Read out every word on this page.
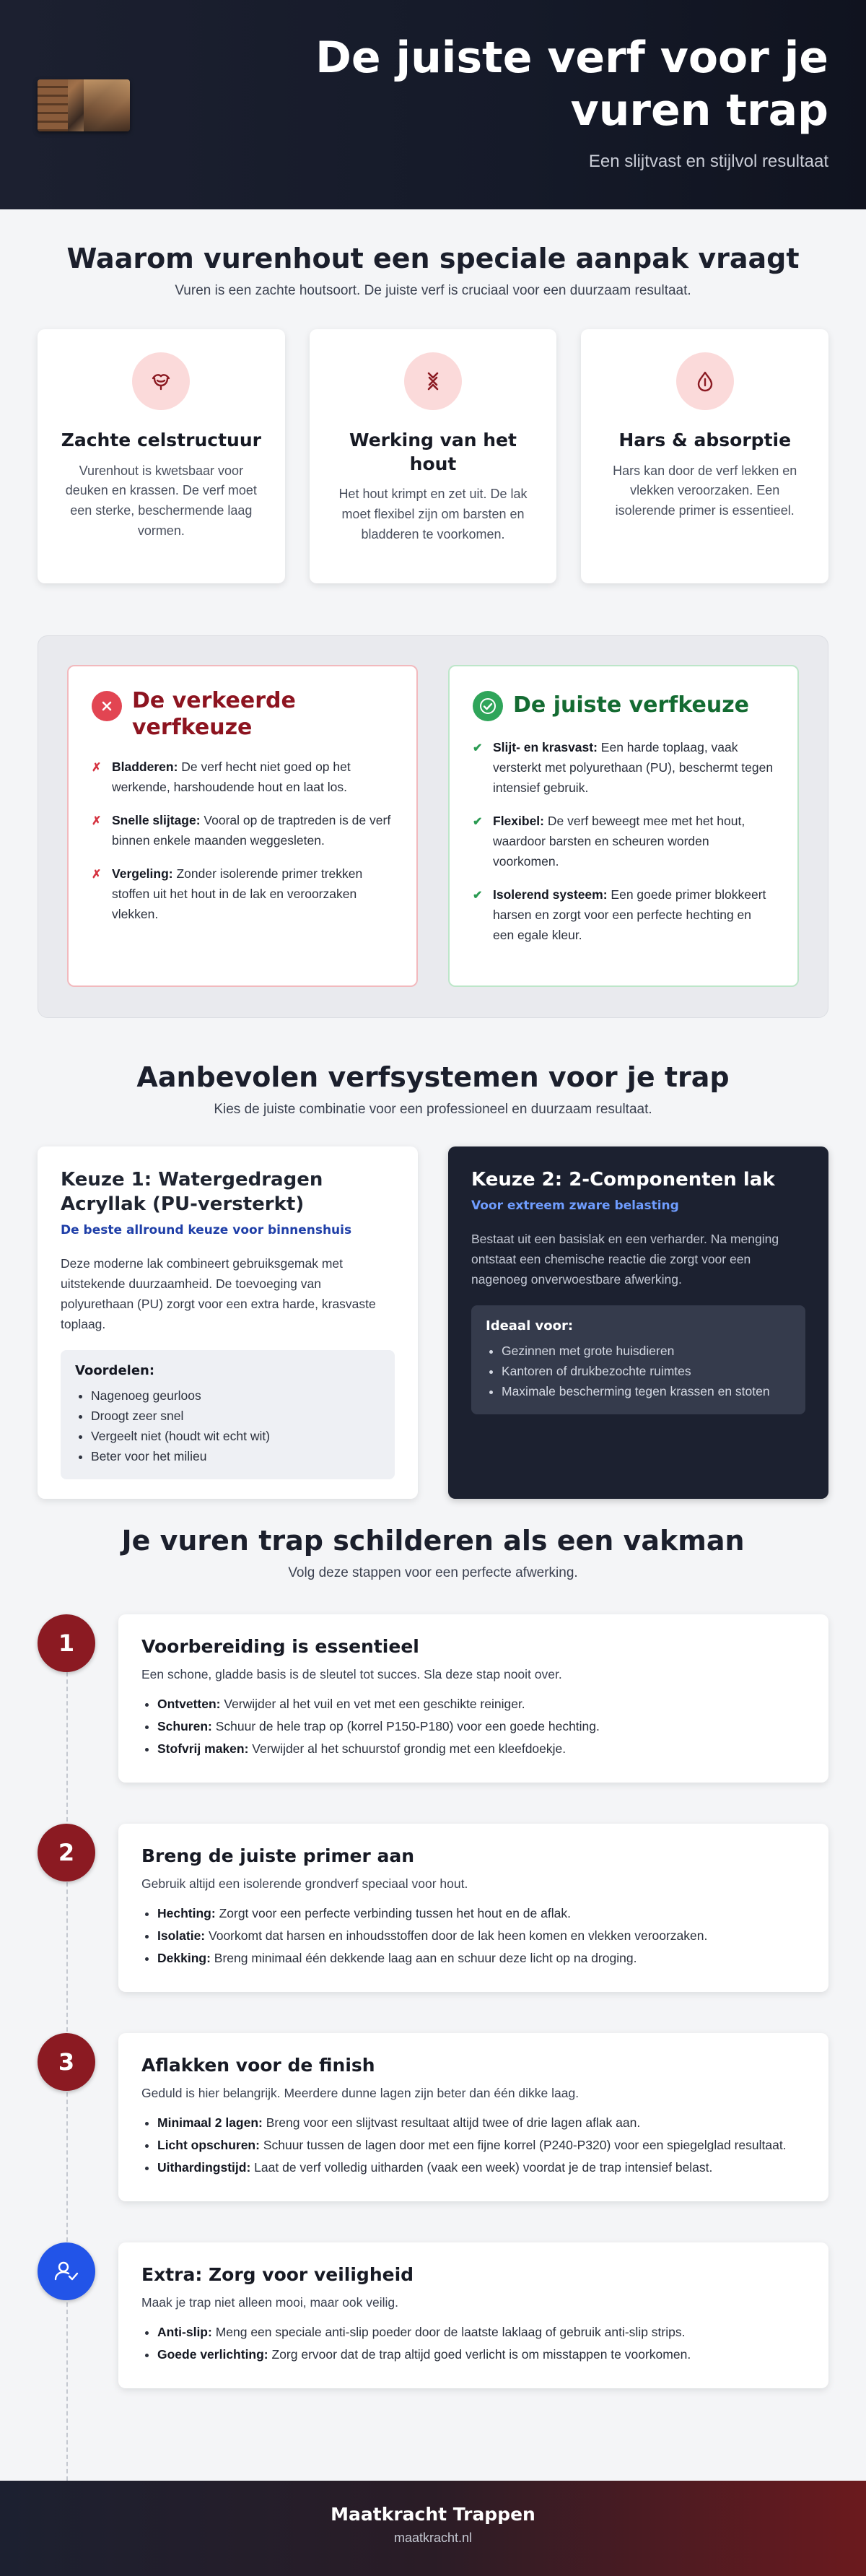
De juiste verf voor je vuren trap
Een slijtvast en stijlvol resultaat
Waarom vurenhout een speciale aanpak vraagt

Vuren is een zachte houtsoort. De juiste verf is cruciaal voor een duurzaam resultaat.

Zachte celstructuur

Vurenhout is kwetsbaar voor deuken en krassen. De verf moet een sterke, beschermende laag vormen.

Werking van het hout

Het hout krimpt en zet uit. De lak moet flexibel zijn om barsten en bladderen te voorkomen.

Hars & absorptie

Hars kan door de verf lekken en vlekken veroorzaken. Een isolerende primer is essentieel.

De verkeerde verfkeuze
✗ Bladderen: De verf hecht niet goed op het werkende, harshoudende hout en laat los.
✗ Snelle slijtage: Vooral op de traptreden is de verf binnen enkele maanden weggesleten.
✗ Vergeling: Zonder isolerende primer trekken stoffen uit het hout in de lak en veroorzaken vlekken.
De juiste verfkeuze
✔ Slijt- en krasvast: Een harde toplaag, vaak versterkt met polyurethaan (PU), beschermt tegen intensief gebruik.
✔ Flexibel: De verf beweegt mee met het hout, waardoor barsten en scheuren worden voorkomen.
✔ Isolerend systeem: Een goede primer blokkeert harsen en zorgt voor een perfecte hechting en een egale kleur.
Aanbevolen verfsystemen voor je trap

Kies de juiste combinatie voor een professioneel en duurzaam resultaat.

Keuze 1: Watergedragen Acryllak (PU-versterkt)
De beste allround keuze voor binnenshuis

Deze moderne lak combineert gebruiksgemak met uitstekende duurzaamheid. De toevoeging van polyurethaan (PU) zorgt voor een extra harde, krasvaste toplaag.

Voordelen:
• Nagenoeg geurloos
• Droogt zeer snel
• Vergeelt niet (houdt wit echt wit)
• Beter voor het milieu
Keuze 2: 2-Componenten lak
Voor extreem zware belasting

Bestaat uit een basislak en een verharder. Na menging ontstaat een chemische reactie die zorgt voor een nagenoeg onverwoestbare afwerking.

Ideaal voor:
• Gezinnen met grote huisdieren
• Kantoren of drukbezochte ruimtes
• Maximale bescherming tegen krassen en stoten
Je vuren trap schilderen als een vakman

Volg deze stappen voor een perfecte afwerking.

1	Voorbereiding is essentieel

Een schone, gladde basis is de sleutel tot succes. Sla deze stap nooit over.

• Ontvetten: Verwijder al het vuil en vet met een geschikte reiniger.
• Schuren: Schuur de hele trap op (korrel P150-P180) voor een goede hechting.
• Stofvrij maken: Verwijder al het schuurstof grondig met een kleefdoekje.
2	Breng de juiste primer aan

Gebruik altijd een isolerende grondverf speciaal voor hout.

• Hechting: Zorgt voor een perfecte verbinding tussen het hout en de aflak.
• Isolatie: Voorkomt dat harsen en inhoudsstoffen door de lak heen komen en vlekken veroorzaken.
• Dekking: Breng minimaal één dekkende laag aan en schuur deze licht op na droging.
3	Aflakken voor de finish

Geduld is hier belangrijk. Meerdere dunne lagen zijn beter dan één dikke laag.

• Minimaal 2 lagen: Breng voor een slijtvast resultaat altijd twee of drie lagen aflak aan.
• Licht opschuren: Schuur tussen de lagen door met een fijne korrel (P240-P320) voor een spiegelglad resultaat.
• Uithardingstijd: Laat de verf volledig uitharden (vaak een week) voordat je de trap intensief belast.
Extra: Zorg voor veiligheid

Maak je trap niet alleen mooi, maar ook veilig.

• Anti-slip: Meng een speciale anti-slip poeder door de laatste laklaag of gebruik anti-slip strips.
• Goede verlichting: Zorg ervoor dat de trap altijd goed verlicht is om misstappen te voorkomen.
Maatkracht Trappen
maatkracht.nl
